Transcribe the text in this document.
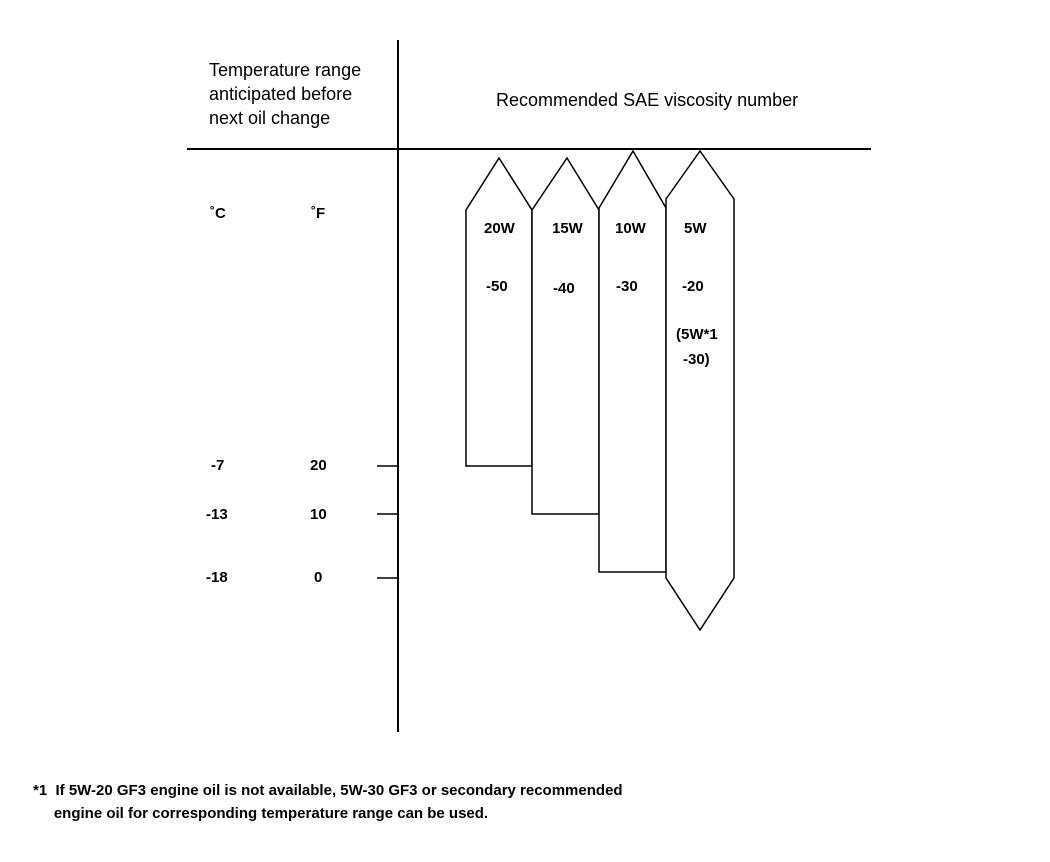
Temperature range
anticipated before
next oil change
Recommended SAE viscosity number
˚C	˚F
-7	20
-13	10
-18	0
20W
-50
15W
-40
10W
-30
5W
-20
(5W*1
-30)
*1  If 5W-20 GF3 engine oil is not available, 5W-30 GF3 or secondary recommended
engine oil for corresponding temperature range can be used.
